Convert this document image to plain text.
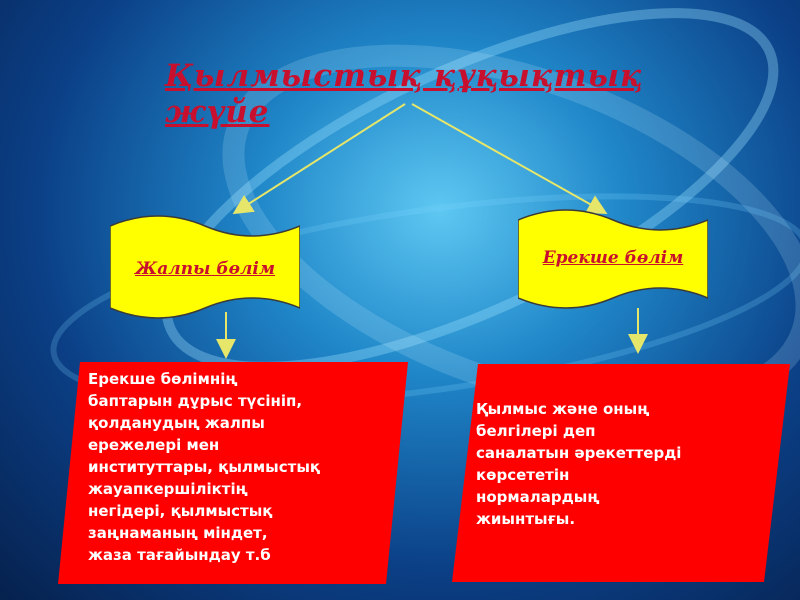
Қылмыстық құқықтық жүйе
Жалпы бөлім
Ерекше бөлім
Ерекше бөлімнің
баптарын дұрыс түсініп,
қолданудың жалпы
ережелері мен
институттары, қылмыстық
жауапкершіліктің
негідері, қылмыстық
заңнаманың міндет,
жаза тағайындау т.б
Қылмыс және оның
белгілері деп
саналатын әрекеттерді
көрсететін
нормалардың
жиынтығы.
